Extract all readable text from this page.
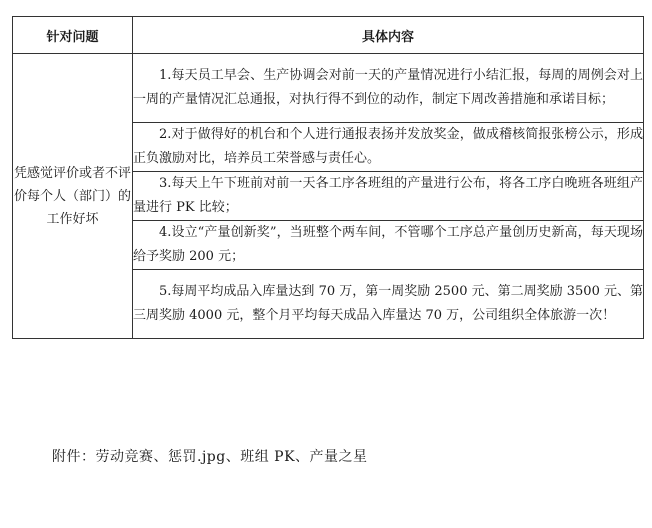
针对问题	具体内容
凭感觉评价或者不评价每个人（部门）的工作好坏	1.每天员工早会、生产协调会对前一天的产量情况进行小结汇报，每周的周例会对上一周的产量情况汇总通报，对执行得不到位的动作，制定下周改善措施和承诺目标；
	2.对于做得好的机台和个人进行通报表扬并发放奖金，做成稽核简报张榜公示，形成正负激励对比，培养员工荣誉感与责任心。
	3.每天上午下班前对前一天各工序各班组的产量进行公布，将各工序白晚班各班组产量进行 PK 比较；
	4.设立“产量创新奖”，当班整个两车间，不管哪个工序总产量创历史新高，每天现场给予奖励 200 元；
	5.每周平均成品入库量达到 70 万，第一周奖励 2500 元、第二周奖励 3500 元、第三周奖励 4000 元，整个月平均每天成品入库量达 70 万，公司组织全体旅游一次！
附件：劳动竞赛、惩罚.jpg、班组 PK、产量之星
